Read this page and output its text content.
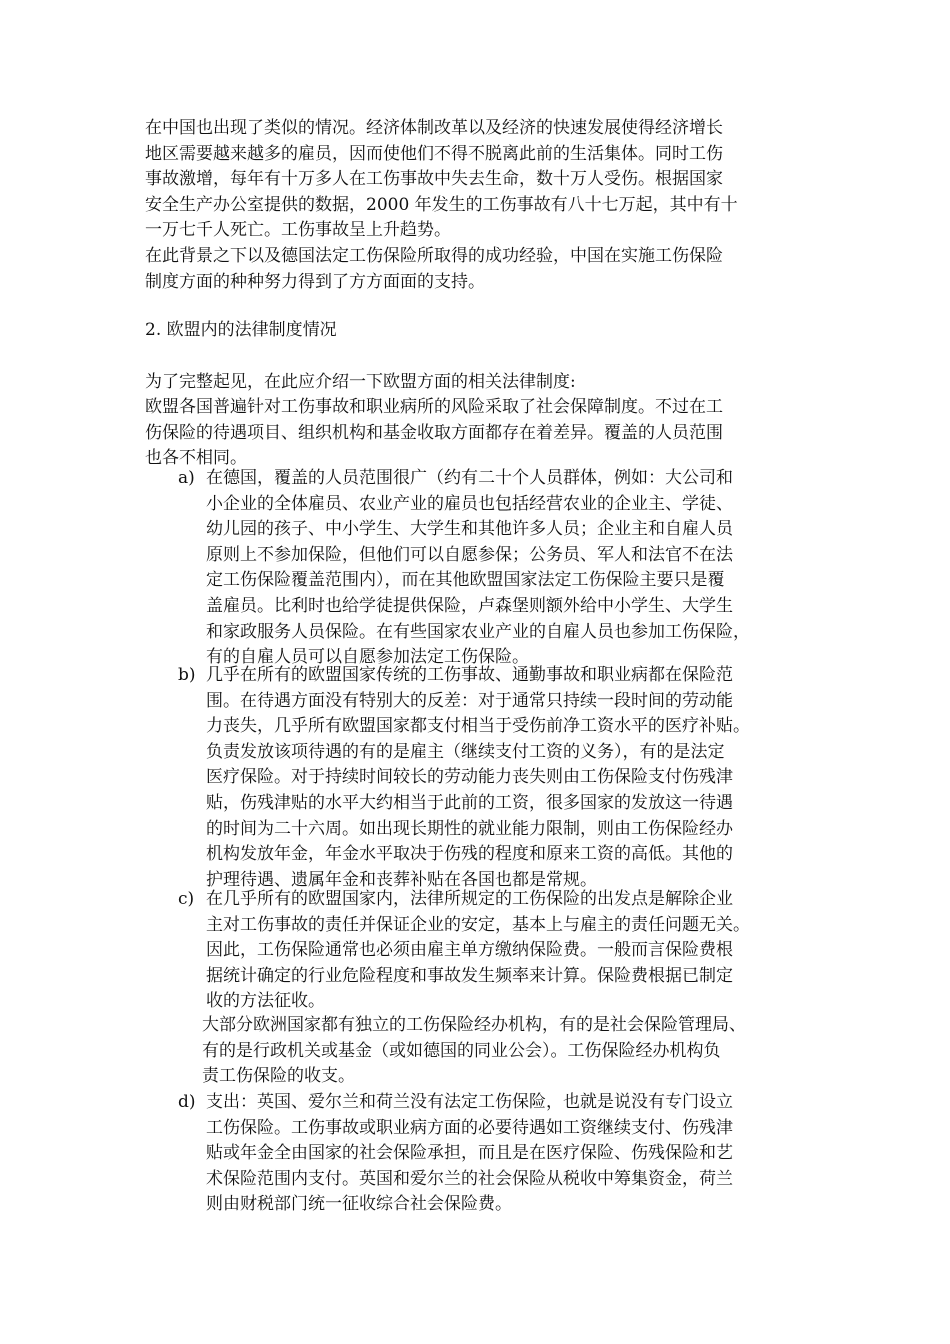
在中国也出现了类似的情况。经济体制改革以及经济的快速发展使得经济增长
地区需要越来越多的雇员，因而使他们不得不脱离此前的生活集体。同时工伤
事故激增，每年有十万多人在工伤事故中失去生命，数十万人受伤。根据国家
安全生产办公室提供的数据，2000 年发生的工伤事故有八十七万起，其中有十
一万七千人死亡。工伤事故呈上升趋势。

在此背景之下以及德国法定工伤保险所取得的成功经验，中国在实施工伤保险
制度方面的种种努力得到了方方面面的支持。

2. 欧盟内的法律制度情况

为了完整起见，在此应介绍一下欧盟方面的相关法律制度:

欧盟各国普遍针对工伤事故和职业病所的风险采取了社会保障制度。不过在工
伤保险的待遇项目、组织机构和基金收取方面都存在着差异。覆盖的人员范围
也各不相同。

a) 在德国，覆盖的人员范围很广（约有二十个人员群体，例如：大公司和
小企业的全体雇员、农业产业的雇员也包括经营农业的企业主、学徒、
幼儿园的孩子、中小学生、大学生和其他许多人员；企业主和自雇人员
原则上不参加保险，但他们可以自愿参保；公务员、军人和法官不在法
定工伤保险覆盖范围内），而在其他欧盟国家法定工伤保险主要只是覆
盖雇员。比利时也给学徒提供保险，卢森堡则额外给中小学生、大学生
和家政服务人员保险。在有些国家农业产业的自雇人员也参加工伤保险，
有的自雇人员可以自愿参加法定工伤保险。

b) 几乎在所有的欧盟国家传统的工伤事故、通勤事故和职业病都在保险范
围。在待遇方面没有特别大的反差：对于通常只持续一段时间的劳动能
力丧失，几乎所有欧盟国家都支付相当于受伤前净工资水平的医疗补贴。
负责发放该项待遇的有的是雇主（继续支付工资的义务），有的是法定
医疗保险。对于持续时间较长的劳动能力丧失则由工伤保险支付伤残津
贴，伤残津贴的水平大约相当于此前的工资，很多国家的发放这一待遇
的时间为二十六周。如出现长期性的就业能力限制，则由工伤保险经办
机构发放年金，年金水平取决于伤残的程度和原来工资的高低。其他的
护理待遇、遗属年金和丧葬补贴在各国也都是常规。

c) 在几乎所有的欧盟国家内，法律所规定的工伤保险的出发点是解除企业
主对工伤事故的责任并保证企业的安定，基本上与雇主的责任问题无关。
因此，工伤保险通常也必须由雇主单方缴纳保险费。一般而言保险费根
据统计确定的行业危险程度和事故发生频率来计算。保险费根据已制定
收的方法征收。

大部分欧洲国家都有独立的工伤保险经办机构，有的是社会保险管理局、
有的是行政机关或基金（或如德国的同业公会）。工伤保险经办机构负
责工伤保险的收支。

d) 支出：英国、爱尔兰和荷兰没有法定工伤保险，也就是说没有专门设立
工伤保险。工伤事故或职业病方面的必要待遇如工资继续支付、伤残津
贴或年金全由国家的社会保险承担，而且是在医疗保险、伤残保险和艺
术保险范围内支付。英国和爱尔兰的社会保险从税收中筹集资金，荷兰
则由财税部门统一征收综合社会保险费。
